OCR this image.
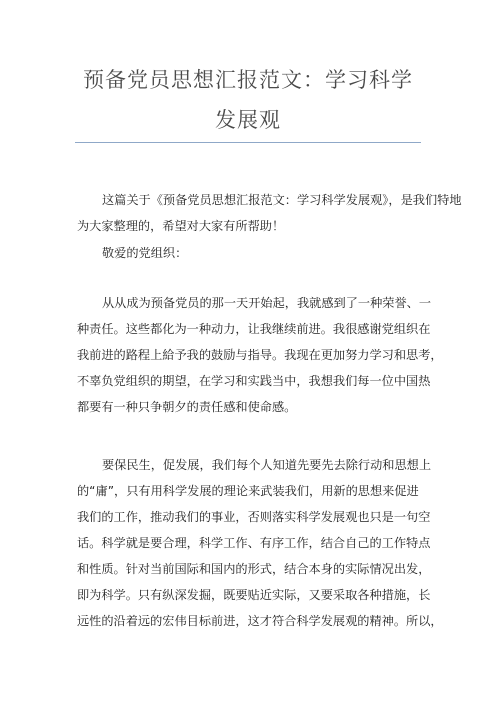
预备党员思想汇报范文：学习科学
发展观
这篇关于《预备党员思想汇报范文：学习科学发展观》，是我们特地
为大家整理的，希望对大家有所帮助！
敬爱的党组织：
从从成为预备党员的那一天开始起，我就感到了一种荣誉、一
种责任。这些都化为一种动力，让我继续前进。我很感谢党组织在
我前进的路程上給予我的鼓励与指导。我现在更加努力学习和思考，
不辜负党组织的期望，在学习和实践当中，我想我们每一位中国热
都要有一种只争朝夕的责任感和使命感。
要保民生，促发展，我们每个人知道先要先去除行动和思想上
的“庸”，只有用科学发展的理论来武装我们，用新的思想来促进
我们的工作，推动我们的事业，否则落实科学发展观也只是一句空
话。科学就是要合理，科学工作、有序工作，结合自己的工作特点
和性质。针对当前国际和国内的形式，结合本身的实际情况出发，
即为科学。只有纵深发掘，既要贴近实际，又要采取各种措施，长
远性的沿着远的宏伟目标前进，这才符合科学发展观的精神。所以，
